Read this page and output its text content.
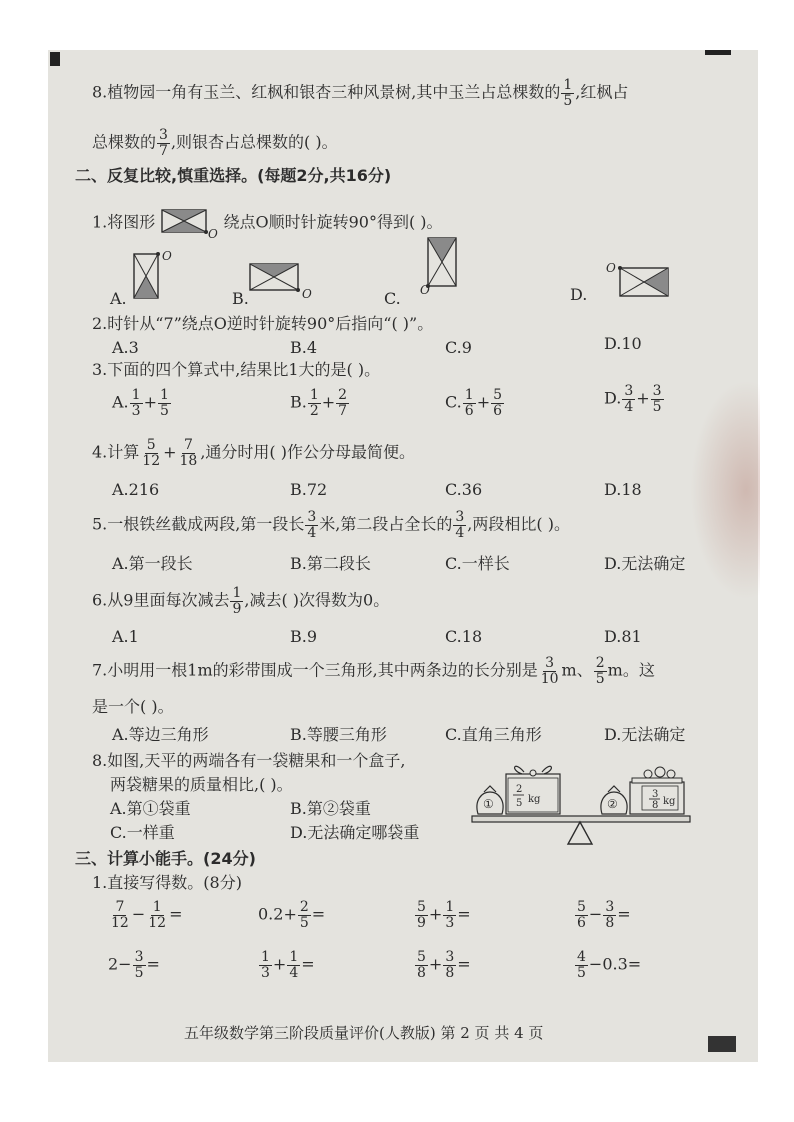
8.植物园一角有玉兰、红枫和银杏三种风景树,其中玉兰占总棵数的 $\frac{1}{5}$ ,红枫占
总棵数的 $\frac{3}{7}$ ,则银杏占总棵数的( )。
二、反复比较,慎重选择。(每题2分,共16分)
1.将图形
O
绕点O顺时针旋转90°得到( )。
A.
O
B.	O	C. O	D.
O
2.时针从“7”绕点O逆时针旋转90°后指向“( )”。
A.3	B.4	C.9	D.10
3.下面的四个算式中,结果比1大的是( )。
A. $\frac{1}{3} + \frac{1}{5}$	B. $\frac{1}{2} + \frac{2}{7}$	C. $\frac{1}{6} + \frac{5}{6}$	D. $\frac{3}{4} + \frac{3}{5}$
4.计算 $\frac{5}{12} + \frac{7}{18}$ ,通分时用( )作公分母最简便。
A.216	B.72	C.36	D.18
5.一根铁丝截成两段,第一段长 $\frac{3}{4}$ 米,第二段占全长的 $\frac{3}{4}$ ,两段相比( )。
A.第一段长	B.第二段长	C.一样长	D.无法确定
6.从9里面每次减去 $\frac{1}{9}$ ,减去( )次得数为0。
A.1	B.9	C.18	D.81
7.小明用一根1m的彩带围成一个三角形,其中两条边的长分别是 $\frac{3}{10}$ m、 $\frac{2}{5}$ m。这
是一个( )。
A.等边三角形	B.等腰三角形	C.直角三角形	D.无法确定
8.如图,天平的两端各有一袋糖果和一个盒子,
两袋糖果的质量相比,( )。
A.第①袋重	B.第②袋重
C.一样重	D.无法确定哪袋重
①
2
5 kg	②
3
8 kg
三、计算小能手。(24分)
1.直接写得数。(8分)
$\frac{7}{12} - \frac{1}{12}$ =	$0.2+ \frac{2}{5}$ =	$\frac{5}{9} + \frac{1}{3}$ =	$\frac{5}{6} - \frac{3}{8}$ =
$2- \frac{3}{5}$ =	$\frac{1}{3} + \frac{1}{4}$ =	$\frac{5}{8} + \frac{3}{8}$ =	$\frac{4}{5} -0.3=$
五年级数学第三阶段质量评价(人教版) 第 2 页 共 4 页
